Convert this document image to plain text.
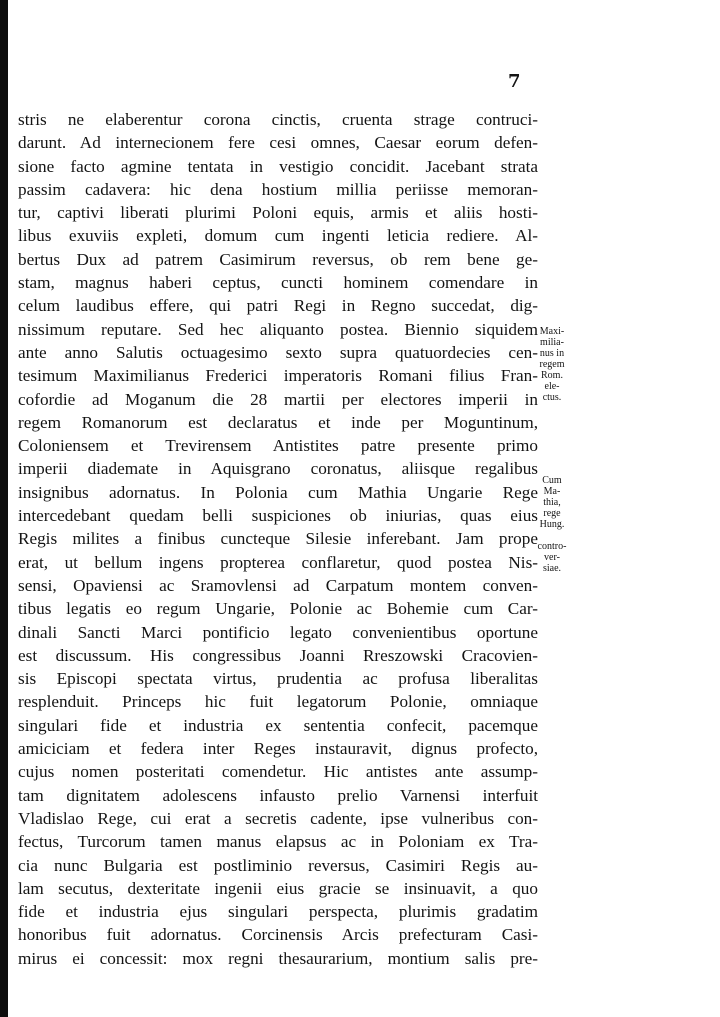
7
stris ne elaberentur corona cinctis, cruenta strage contruci-
darunt. Ad internecionem fere cesi omnes, Caesar eorum defen-
sione facto agmine tentata in vestigio concidit. Jacebant strata
passim cadavera: hic dena hostium millia periisse memoran-
tur, captivi liberati plurimi Poloni equis, armis et aliis hosti-
libus exuviis expleti, domum cum ingenti leticia rediere. Al-
bertus Dux ad patrem Casimirum reversus, ob rem bene ge-
stam, magnus haberi ceptus, cuncti hominem comendare in
celum laudibus effere, qui patri Regi in Regno succedat, dig-
nissimum reputare. Sed hec aliquanto postea. Biennio siquidem
ante anno Salutis octuagesimo sexto supra quatuordecies cen-
tesimum Maximilianus Frederici imperatoris Romani filius Fran-
cofordie ad Moganum die 28 martii per electores imperii in
regem Romanorum est declaratus et inde per Moguntinum,
Coloniensem et Trevirensem Antistites patre presente primo
imperii diademate in Aquisgrano coronatus, aliisque regalibus
insignibus adornatus. In Polonia cum Mathia Ungarie Rege
intercedebant quedam belli suspiciones ob iniurias, quas eius
Regis milites a finibus cuncteque Silesie inferebant. Jam prope
erat, ut bellum ingens propterea conflaretur, quod postea Nis-
sensi, Opaviensi ac Sramovlensi ad Carpatum montem conven-
tibus legatis eo regum Ungarie, Polonie ac Bohemie cum Car-
dinali Sancti Marci pontificio legato convenientibus oportune
est discussum. His congressibus Joanni Rreszowski Cracovien-
sis Episcopi spectata virtus, prudentia ac profusa liberalitas
resplenduit. Princeps hic fuit legatorum Polonie, omniaque
singulari fide et industria ex sententia confecit, pacemque
amiciciam et federa inter Reges instauravit, dignus profecto,
cujus nomen posteritati comendetur. Hic antistes ante assump-
tam dignitatem adolescens infausto prelio Varnensi interfuit
Vladislao Rege, cui erat a secretis cadente, ipse vulneribus con-
fectus, Turcorum tamen manus elapsus ac in Poloniam ex Tra-
cia nunc Bulgaria est postliminio reversus, Casimiri Regis au-
lam secutus, dexteritate ingenii eius gracie se insinuavit, a quo
fide et industria ejus singulari perspecta, plurimis gradatim
honoribus fuit adornatus. Corcinensis Arcis prefecturam Casi-
mirus ei concessit: mox regni thesaurarium, montium salis pre-
Maxi-
milia-
nus in
regem
Rom.
ele-
ctus.
Cum
Ma-
thia,
rege
Hung.
contro-
ver-
siae.
